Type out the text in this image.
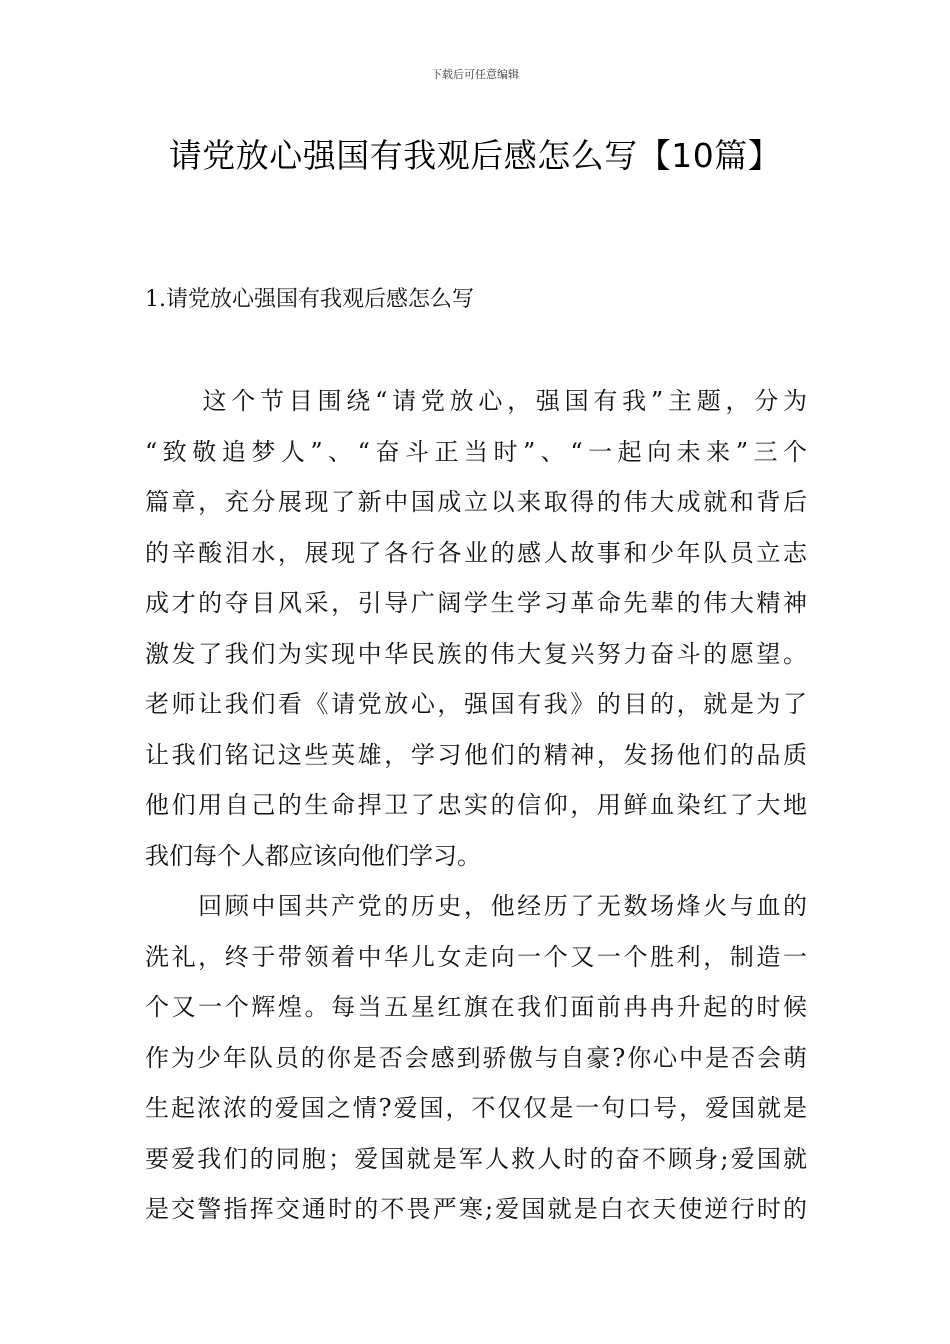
下载后可任意编辑
请党放心强国有我观后感怎么写【10篇】
1.请党放心强国有我观后感怎么写
　　这个节目围绕“请党放心，强国有我”主题，分为
“致敬追梦人”、“奋斗正当时”、“一起向未来”三个
篇章，充分展现了新中国成立以来取得的伟大成就和背后
的辛酸泪水，展现了各行各业的感人故事和少年队员立志
成才的夺目风采，引导广阔学生学习革命先辈的伟大精神
激发了我们为实现中华民族的伟大复兴努力奋斗的愿望。
老师让我们看《请党放心，强国有我》的目的，就是为了
让我们铭记这些英雄，学习他们的精神，发扬他们的品质
他们用自己的生命捍卫了忠实的信仰，用鲜血染红了大地
我们每个人都应该向他们学习。
　　回顾中国共产党的历史，他经历了无数场烽火与血的
洗礼，终于带领着中华儿女走向一个又一个胜利，制造一
个又一个辉煌。每当五星红旗在我们面前冉冉升起的时候
作为少年队员的你是否会感到骄傲与自豪?你心中是否会萌
生起浓浓的爱国之情?爱国，不仅仅是一句口号，爱国就是
要爱我们的同胞；爱国就是军人救人时的奋不顾身;爱国就
是交警指挥交通时的不畏严寒;爱国就是白衣天使逆行时的
